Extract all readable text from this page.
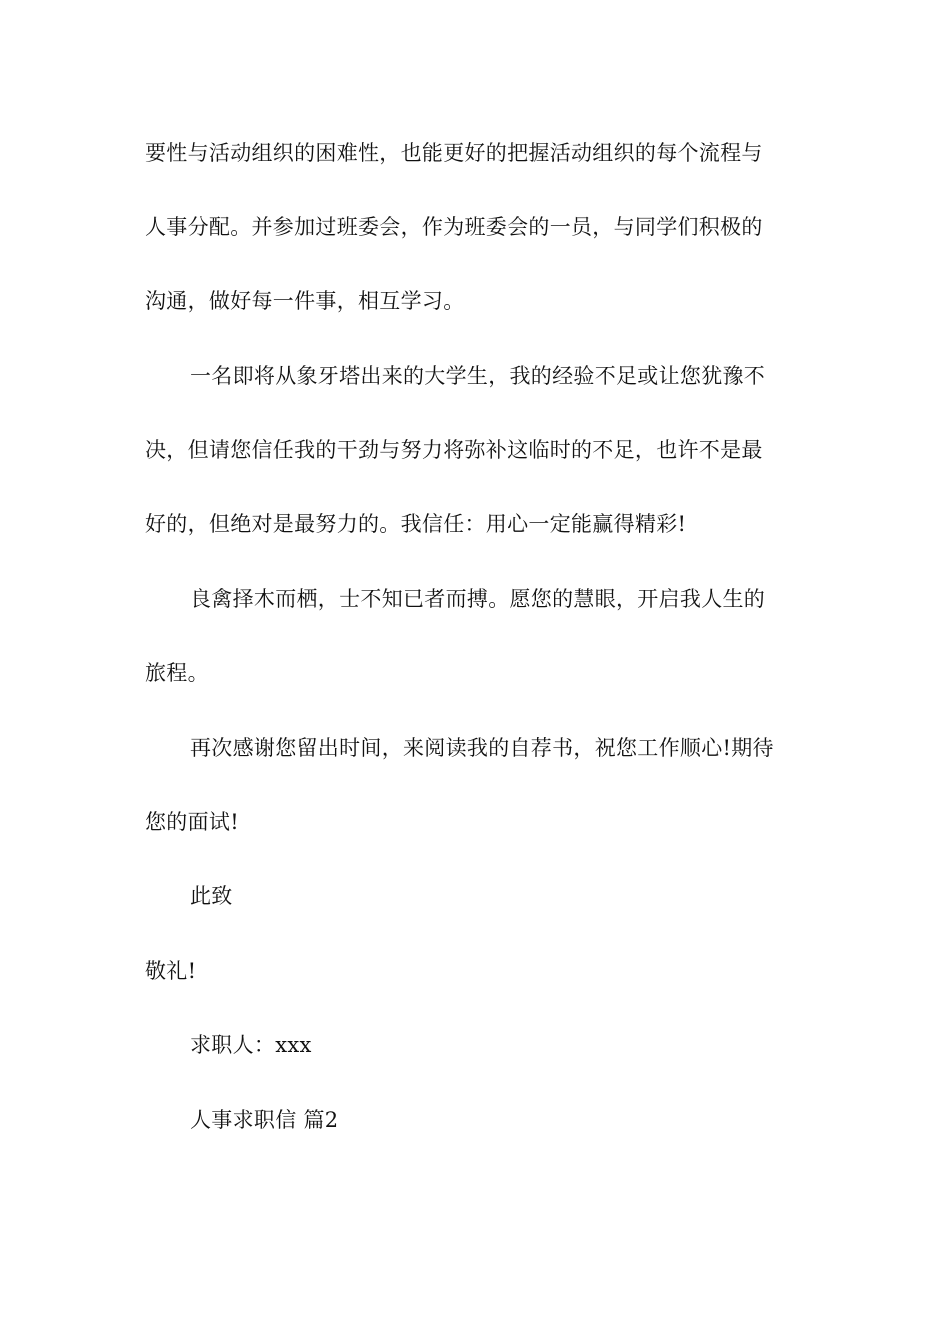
要性与活动组织的困难性，也能更好的把握活动组织的每个流程与
人事分配。并参加过班委会，作为班委会的一员，与同学们积极的
沟通，做好每一件事，相互学习。
一名即将从象牙塔出来的大学生，我的经验不足或让您犹豫不
决，但请您信任我的干劲与努力将弥补这临时的不足，也许不是最
好的，但绝对是最努力的。我信任：用心一定能赢得精彩!
良禽择木而栖，士不知已者而搏。愿您的慧眼，开启我人生的
旅程。
再次感谢您留出时间，来阅读我的自荐书，祝您工作顺心!期待
您的面试!
此致
敬礼!
求职人：xxx
人事求职信 篇2
